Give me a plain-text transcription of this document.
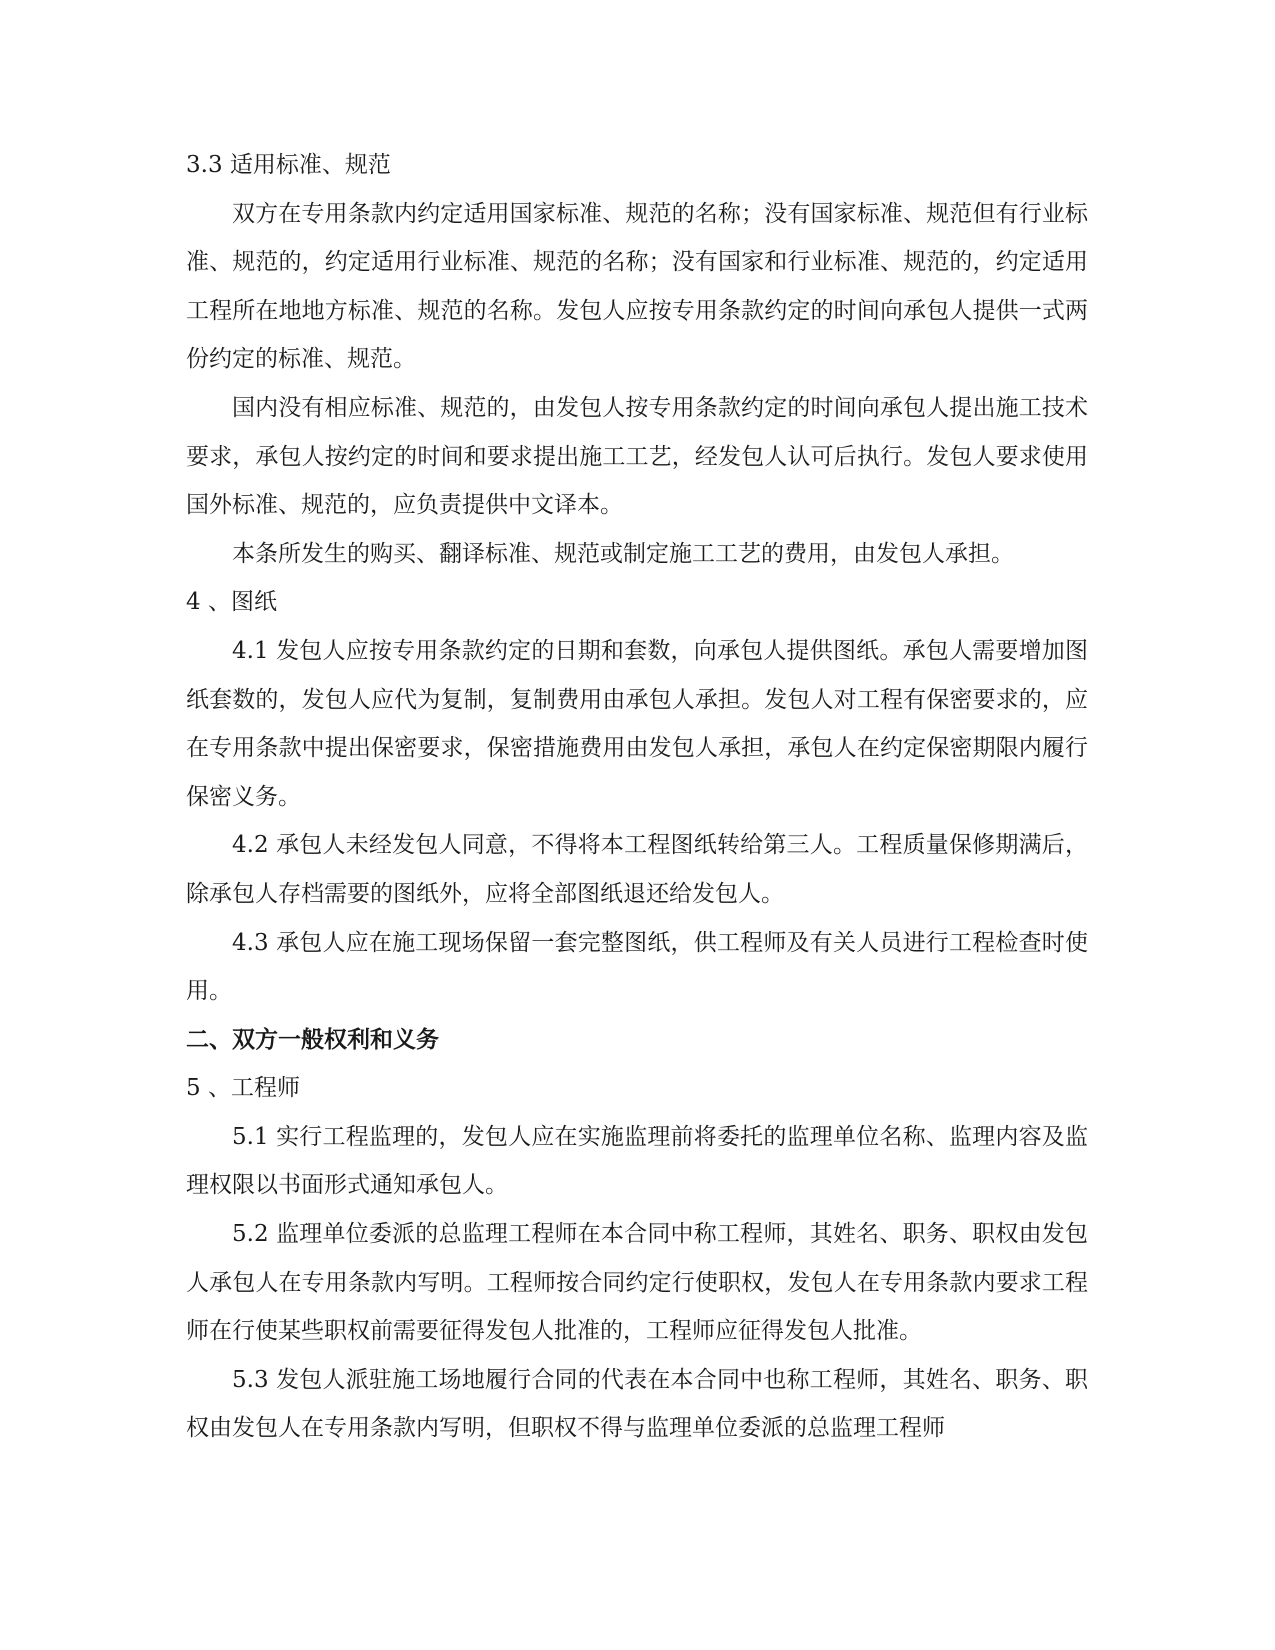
3.3 适用标准、规范

双方在专用条款内约定适用国家标准、规范的名称；没有国家标准、规范但有行业标准、规范的，约定适用行业标准、规范的名称；没有国家和行业标准、规范的，约定适用工程所在地地方标准、规范的名称。发包人应按专用条款约定的时间向承包人提供一式两份约定的标准、规范。

国内没有相应标准、规范的，由发包人按专用条款约定的时间向承包人提出施工技术要求，承包人按约定的时间和要求提出施工工艺，经发包人认可后执行。发包人要求使用国外标准、规范的，应负责提供中文译本。

本条所发生的购买、翻译标准、规范或制定施工工艺的费用，由发包人承担。

4 、图纸

4.1 发包人应按专用条款约定的日期和套数，向承包人提供图纸。承包人需要增加图纸套数的，发包人应代为复制，复制费用由承包人承担。发包人对工程有保密要求的，应在专用条款中提出保密要求，保密措施费用由发包人承担，承包人在约定保密期限内履行保密义务。

4.2 承包人未经发包人同意，不得将本工程图纸转给第三人。工程质量保修期满后，除承包人存档需要的图纸外，应将全部图纸退还给发包人。

4.3 承包人应在施工现场保留一套完整图纸，供工程师及有关人员进行工程检查时使用。

二、双方一般权利和义务

5 、工程师

5.1 实行工程监理的，发包人应在实施监理前将委托的监理单位名称、监理内容及监理权限以书面形式通知承包人。

5.2 监理单位委派的总监理工程师在本合同中称工程师，其姓名、职务、职权由发包人承包人在专用条款内写明。工程师按合同约定行使职权，发包人在专用条款内要求工程师在行使某些职权前需要征得发包人批准的，工程师应征得发包人批准。

5.3 发包人派驻施工场地履行合同的代表在本合同中也称工程师，其姓名、职务、职权由发包人在专用条款内写明，但职权不得与监理单位委派的总监理工程师
